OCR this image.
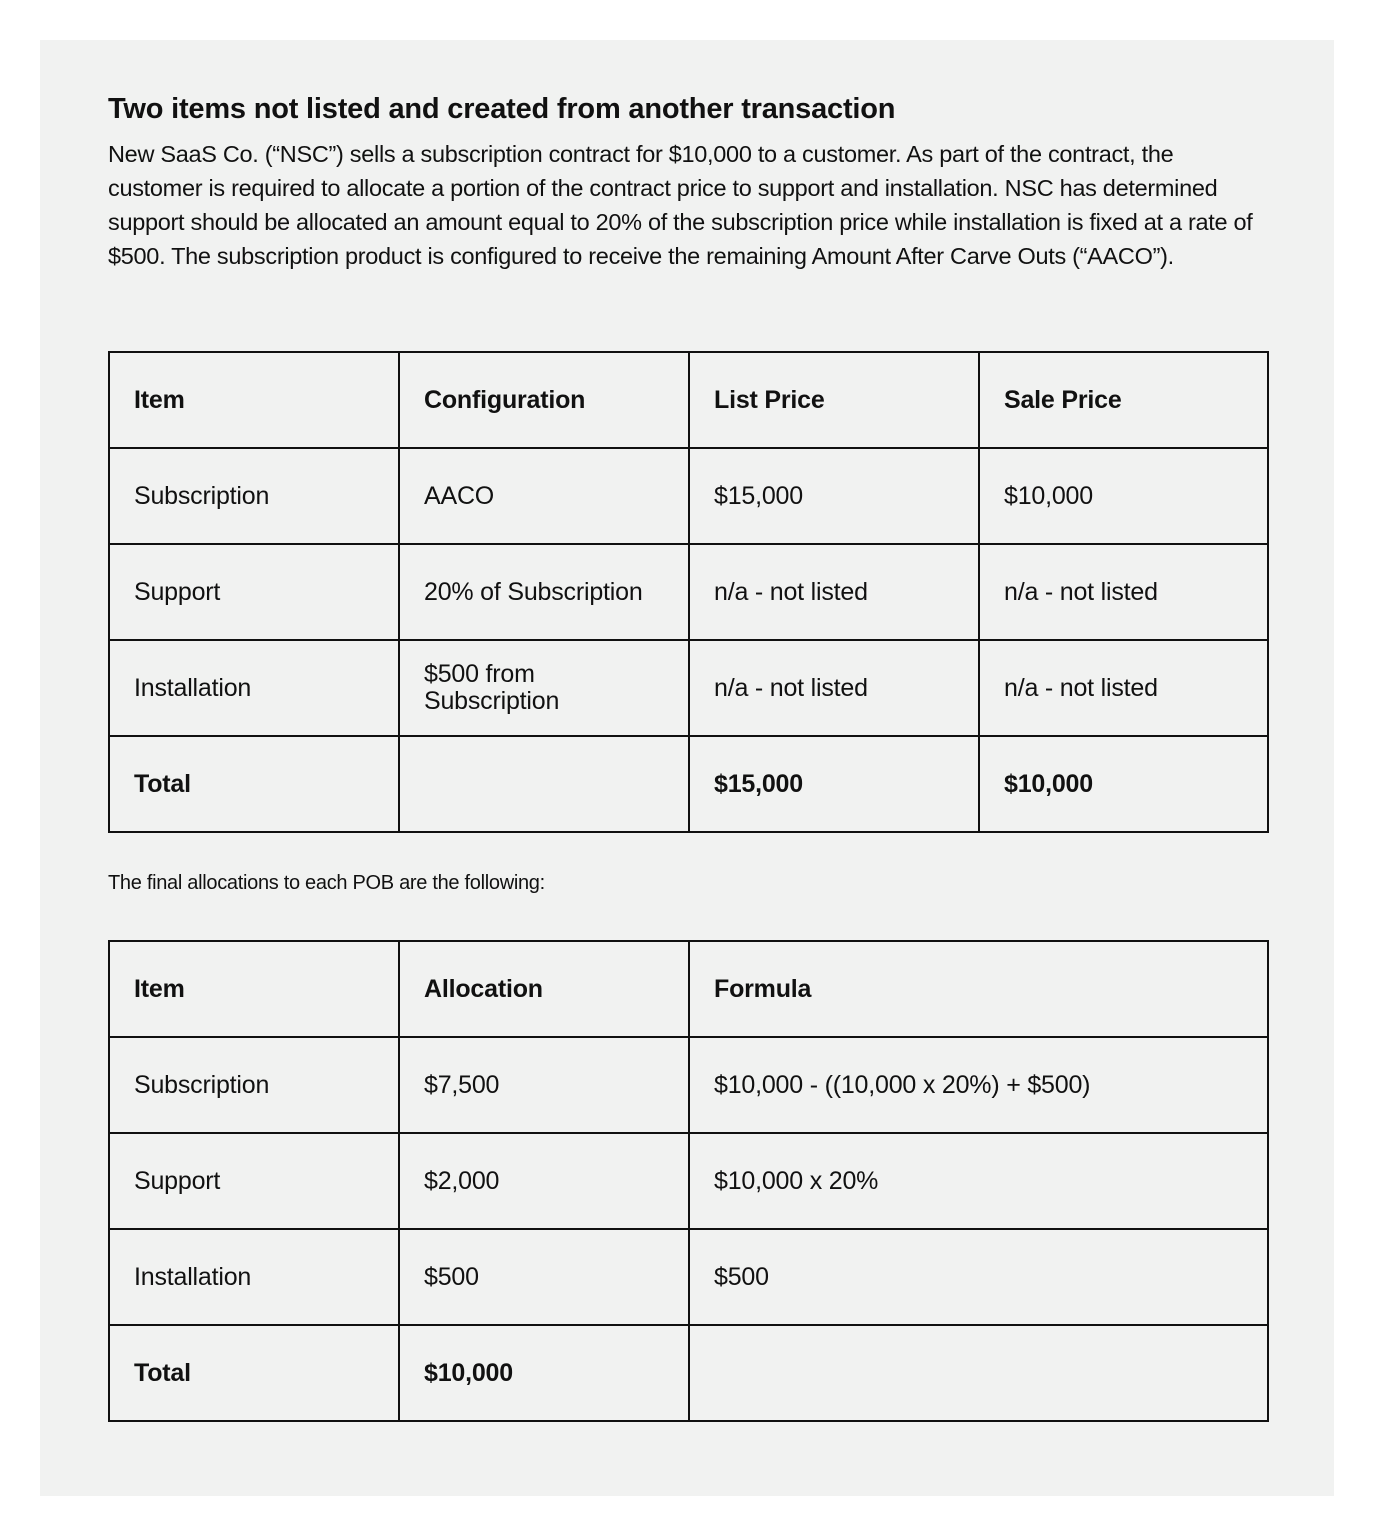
Two items not listed and created from another transaction

New SaaS Co. (“NSC”) sells a subscription contract for $10,000 to a customer. As part of the contract, the customer is required to allocate a portion of the contract price to support and installation. NSC has determined support should be allocated an amount equal to 20% of the subscription price while installation is fixed at a rate of $500. The subscription product is configured to receive the remaining Amount After Carve Outs (“AACO”).

Item	Configuration	List Price	Sale Price
Subscription	AACO	$15,000	$10,000
Support	20% of Subscription	n/a - not listed	n/a - not listed
Installation	$500 from Subscription	n/a - not listed	n/a - not listed
Total		$15,000	$10,000

The final allocations to each POB are the following:

Item	Allocation	Formula
Subscription	$7,500	$10,000 - ((10,000 x 20%) + $500)
Support	$2,000	$10,000 x 20%
Installation	$500	$500
Total	$10,000	
